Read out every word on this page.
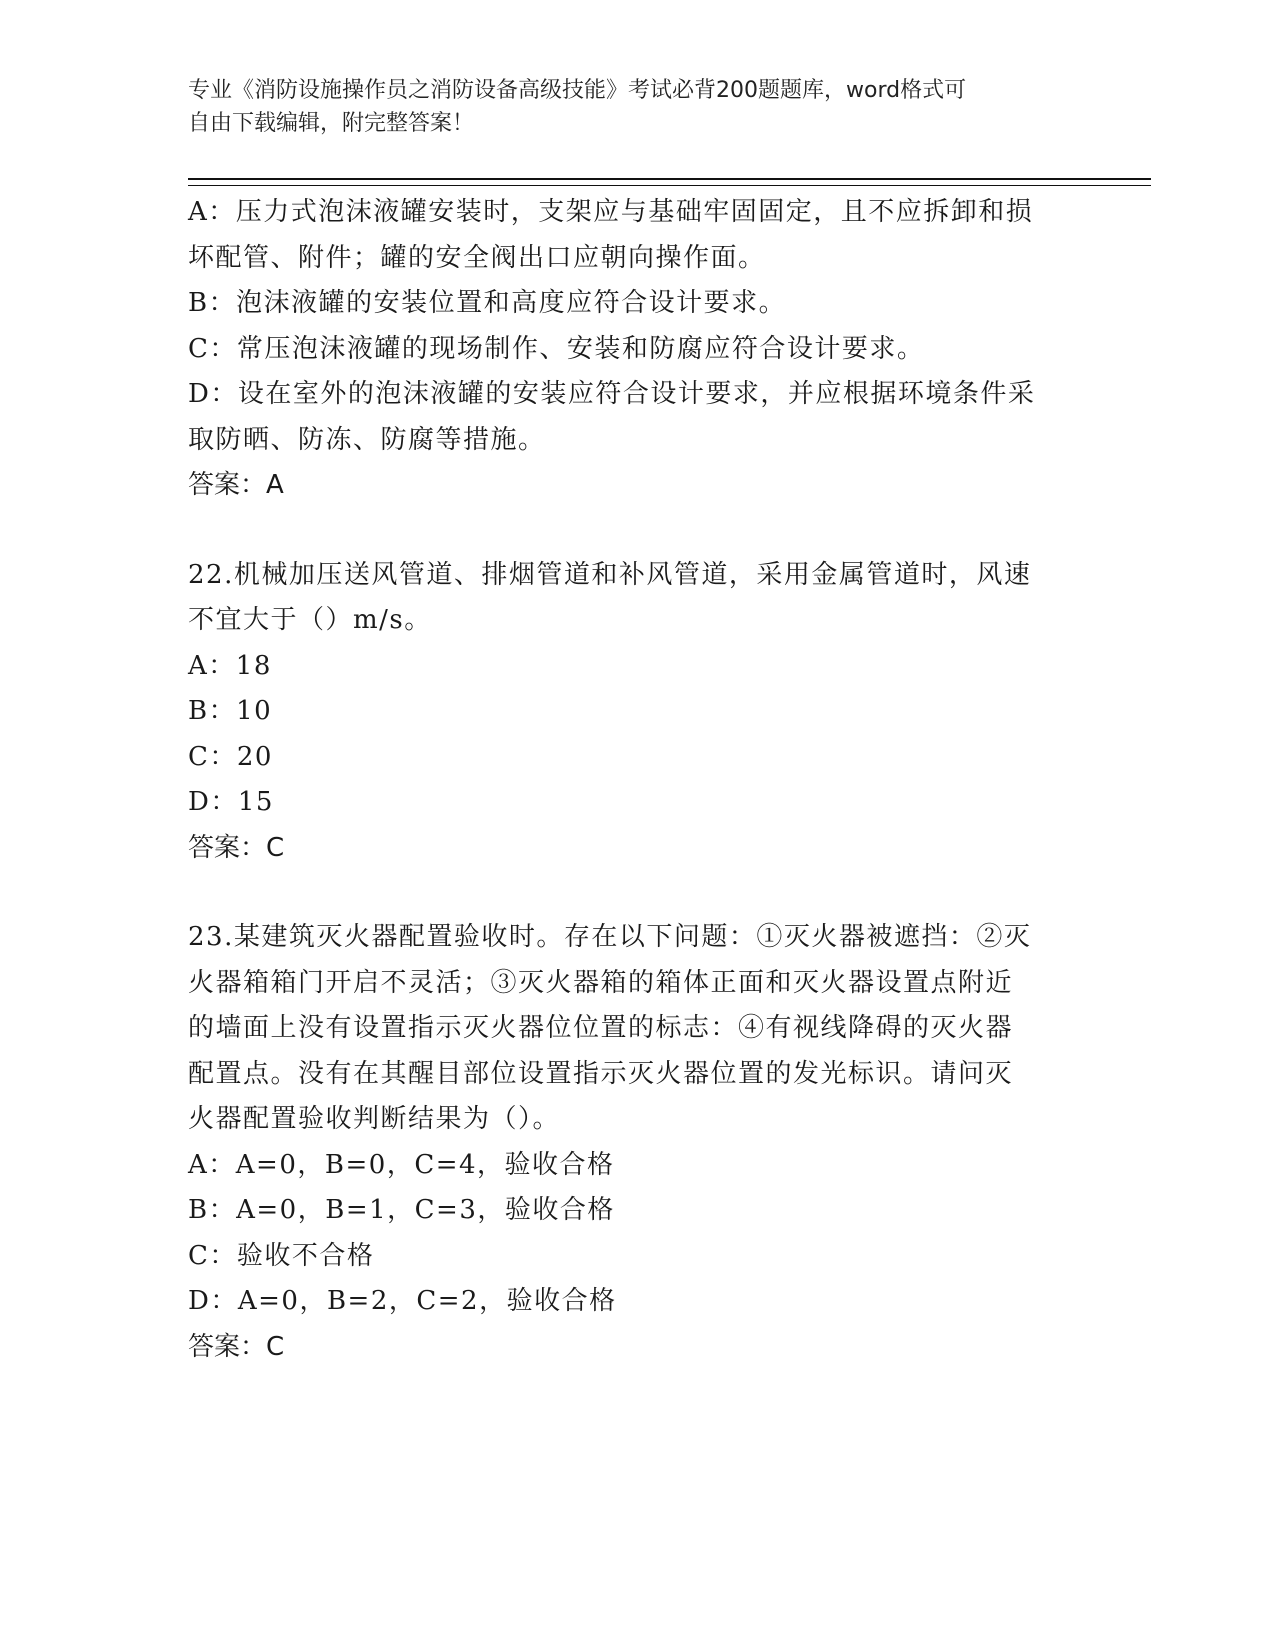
专业《消防设施操作员之消防设备高级技能》考试必背200题题库，word格式可
自由下载编辑，附完整答案！
A：压力式泡沫液罐安装时，支架应与基础牢固固定，且不应拆卸和损
坏配管、附件；罐的安全阀出口应朝向操作面。
B：泡沫液罐的安装位置和高度应符合设计要求。
C：常压泡沫液罐的现场制作、安装和防腐应符合设计要求。
D：设在室外的泡沫液罐的安装应符合设计要求，并应根据环境条件采
取防晒、防冻、防腐等措施。
答案：A
22.机械加压送风管道、排烟管道和补风管道，采用金属管道时，风速
不宜大于（）m/s。
A：18
B：10
C：20
D：15
答案：C
23.某建筑灭火器配置验收时。存在以下问题：①灭火器被遮挡：②灭
火器箱箱门开启不灵活；③灭火器箱的箱体正面和灭火器设置点附近
的墙面上没有设置指示灭火器位位置的标志：④有视线降碍的灭火器
配置点。没有在其醒目部位设置指示灭火器位置的发光标识。请问灭
火器配置验收判断结果为（）。
A：A=0，B=0，C=4，验收合格
B：A=0，B=1，C=3，验收合格
C：验收不合格
D：A=0，B=2，C=2，验收合格
答案：C
